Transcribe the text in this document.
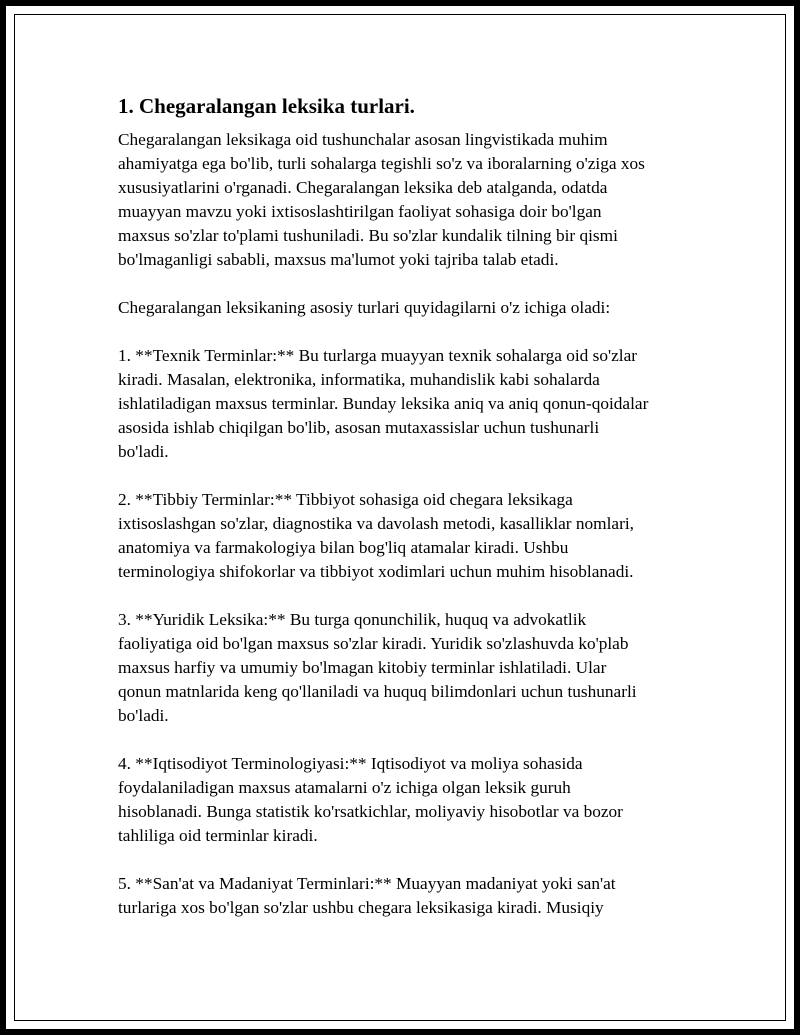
1. Chegaralangan leksika turlari.
Chegaralangan leksikaga oid tushunchalar asosan lingvistikada muhim
ahamiyatga ega bo'lib, turli sohalarga tegishli so'z va iboralarning o'ziga xos
xususiyatlarini o'rganadi. Chegaralangan leksika deb atalganda, odatda
muayyan mavzu yoki ixtisoslashtirilgan faoliyat sohasiga doir bo'lgan
maxsus so'zlar to'plami tushuniladi. Bu so'zlar kundalik tilning bir qismi
bo'lmaganligi sababli, maxsus ma'lumot yoki tajriba talab etadi.
Chegaralangan leksikaning asosiy turlari quyidagilarni o'z ichiga oladi:
1. **Texnik Terminlar:** Bu turlarga muayyan texnik sohalarga oid so'zlar
kiradi. Masalan, elektronika, informatika, muhandislik kabi sohalarda
ishlatiladigan maxsus terminlar. Bunday leksika aniq va aniq qonun-qoidalar
asosida ishlab chiqilgan bo'lib, asosan mutaxassislar uchun tushunarli
bo'ladi.
2. **Tibbiy Terminlar:** Tibbiyot sohasiga oid chegara leksikaga
ixtisoslashgan so'zlar, diagnostika va davolash metodi, kasalliklar nomlari,
anatomiya va farmakologiya bilan bog'liq atamalar kiradi. Ushbu
terminologiya shifokorlar va tibbiyot xodimlari uchun muhim hisoblanadi.
3. **Yuridik Leksika:** Bu turga qonunchilik, huquq va advokatlik
faoliyatiga oid bo'lgan maxsus so'zlar kiradi. Yuridik so'zlashuvda ko'plab
maxsus harfiy va umumiy bo'lmagan kitobiy terminlar ishlatiladi. Ular
qonun matnlarida keng qo'llaniladi va huquq bilimdonlari uchun tushunarli
bo'ladi.
4. **Iqtisodiyot Terminologiyasi:** Iqtisodiyot va moliya sohasida
foydalaniladigan maxsus atamalarni o'z ichiga olgan leksik guruh
hisoblanadi. Bunga statistik ko'rsatkichlar, moliyaviy hisobotlar va bozor
tahliliga oid terminlar kiradi.
5. **San'at va Madaniyat Terminlari:** Muayyan madaniyat yoki san'at
turlariga xos bo'lgan so'zlar ushbu chegara leksikasiga kiradi. Musiqiy
